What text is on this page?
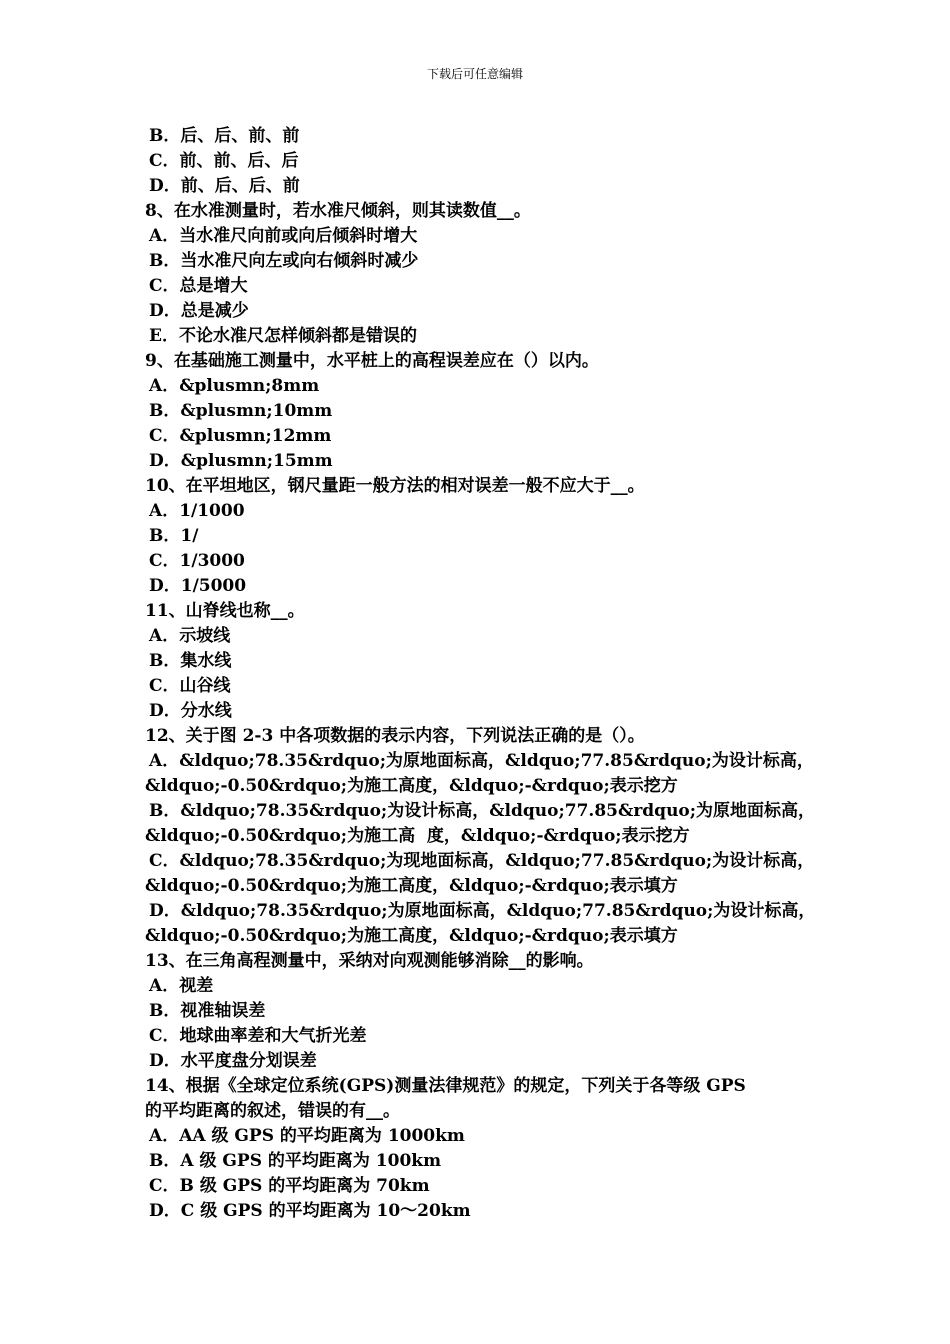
下载后可任意编辑
B．后、后、前、前
C．前、前、后、后
D．前、后、后、前
8、在水准测量时，若水准尺倾斜，则其读数值__。
A．当水准尺向前或向后倾斜时增大
B．当水准尺向左或向右倾斜时减少
C．总是增大
D．总是减少
E．不论水准尺怎样倾斜都是错误的
9、在基础施工测量中，水平桩上的高程误差应在（）以内。
A．&plusmn;8mm
B．&plusmn;10mm
C．&plusmn;12mm
D．&plusmn;15mm
10、在平坦地区，钢尺量距一般方法的相对误差一般不应大于__。
A．1/1000
B．1/
C．1/3000
D．1/5000
11、山脊线也称__。
A．示坡线
B．集水线
C．山谷线
D．分水线
12、关于图 2-3 中各项数据的表示内容，下列说法正确的是（）。
A．&ldquo;78.35&rdquo;为原地面标高，&ldquo;77.85&rdquo;为设计标高，
&ldquo;-0.50&rdquo;为施工高度，&ldquo;-&rdquo;表示挖方
B．&ldquo;78.35&rdquo;为设计标高，&ldquo;77.85&rdquo;为原地面标高，
&ldquo;-0.50&rdquo;为施工高  度，&ldquo;-&rdquo;表示挖方
C．&ldquo;78.35&rdquo;为现地面标高，&ldquo;77.85&rdquo;为设计标高，
&ldquo;-0.50&rdquo;为施工高度，&ldquo;-&rdquo;表示填方
D．&ldquo;78.35&rdquo;为原地面标高，&ldquo;77.85&rdquo;为设计标高，
&ldquo;-0.50&rdquo;为施工高度，&ldquo;-&rdquo;表示填方
13、在三角高程测量中，采纳对向观测能够消除__的影响。
A．视差
B．视准轴误差
C．地球曲率差和大气折光差
D．水平度盘分划误差
14、根据《全球定位系统(GPS)测量法律规范》的规定，下列关于各等级 GPS
的平均距离的叙述，错误的有__。
A．AA 级 GPS 的平均距离为 1000km
B．A 级 GPS 的平均距离为 100km
C．B 级 GPS 的平均距离为 70km
D．C 级 GPS 的平均距离为 10～20km
